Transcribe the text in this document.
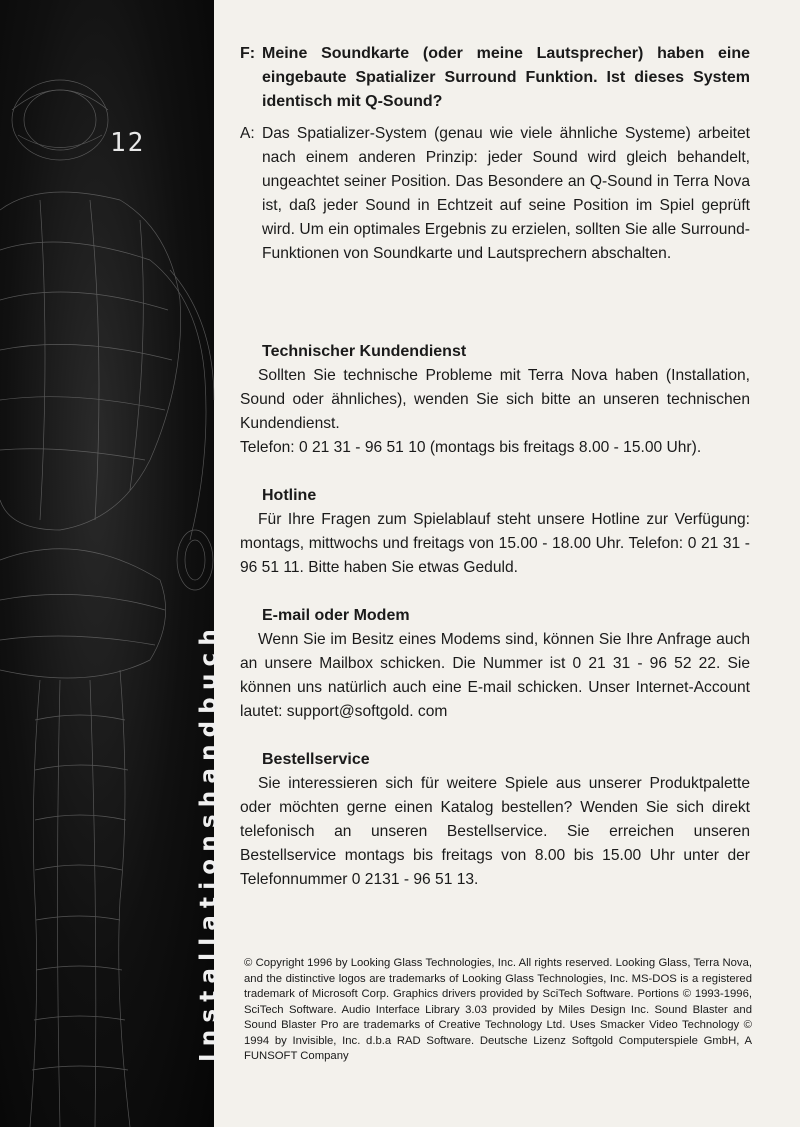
12
Installationshandbuch
F: Meine Soundkarte (oder meine Lautsprecher) haben eine eingebaute Spatializer Surround Funktion. Ist dieses System identisch mit Q-Sound?
A: Das Spatializer-System (genau wie viele ähnliche Systeme) arbeitet nach einem anderen Prinzip: jeder Sound wird gleich behandelt, ungeachtet seiner Position. Das Besondere an Q-Sound in Terra Nova ist, daß jeder Sound in Echtzeit auf seine Position im Spiel geprüft wird. Um ein optimales Ergebnis zu erzielen, sollten Sie alle Surround-Funktionen von Soundkarte und Lautsprechern abschalten.
Technischer Kundendienst

Sollten Sie technische Probleme mit Terra Nova haben (Installation, Sound oder ähnliches), wenden Sie sich bitte an unseren technischen Kundendienst.

Telefon: 0 21 31 - 96 51 10 (montags bis freitags 8.00 - 15.00 Uhr).

Hotline

Für Ihre Fragen zum Spielablauf steht unsere Hotline zur Verfügung: montags, mittwochs und freitags von 15.00 - 18.00 Uhr. Telefon: 0 21 31 - 96 51 11. Bitte haben Sie etwas Geduld.

E-mail oder Modem

Wenn Sie im Besitz eines Modems sind, können Sie Ihre Anfrage auch an unsere Mailbox schicken. Die Nummer ist 0 21 31 - 96 52 22. Sie können uns natürlich auch eine E-mail schicken. Unser Internet-Account lautet: support@softgold. com

Bestellservice

Sie interessieren sich für weitere Spiele aus unserer Produktpalette oder möchten gerne einen Katalog bestellen? Wenden Sie sich direkt telefonisch an unseren Bestellservice. Sie erreichen unseren Bestellservice montags bis freitags von 8.00 bis 15.00 Uhr unter der Telefonnummer 0 2131 - 96 51 13.

© Copyright 1996 by Looking Glass Technologies, Inc. All rights reserved. Looking Glass, Terra Nova, and the distinctive logos are trademarks of Looking Glass Technologies, Inc. MS-DOS is a registered trademark of Microsoft Corp. Graphics drivers provided by SciTech Software. Portions © 1993-1996, SciTech Software. Audio Interface Library 3.03 provided by Miles Design Inc. Sound Blaster and Sound Blaster Pro are trademarks of Creative Technology Ltd. Uses Smacker Video Technology © 1994 by Invisible, Inc. d.b.a RAD Software. Deutsche Lizenz Softgold Computerspiele GmbH, A FUNSOFT Company
